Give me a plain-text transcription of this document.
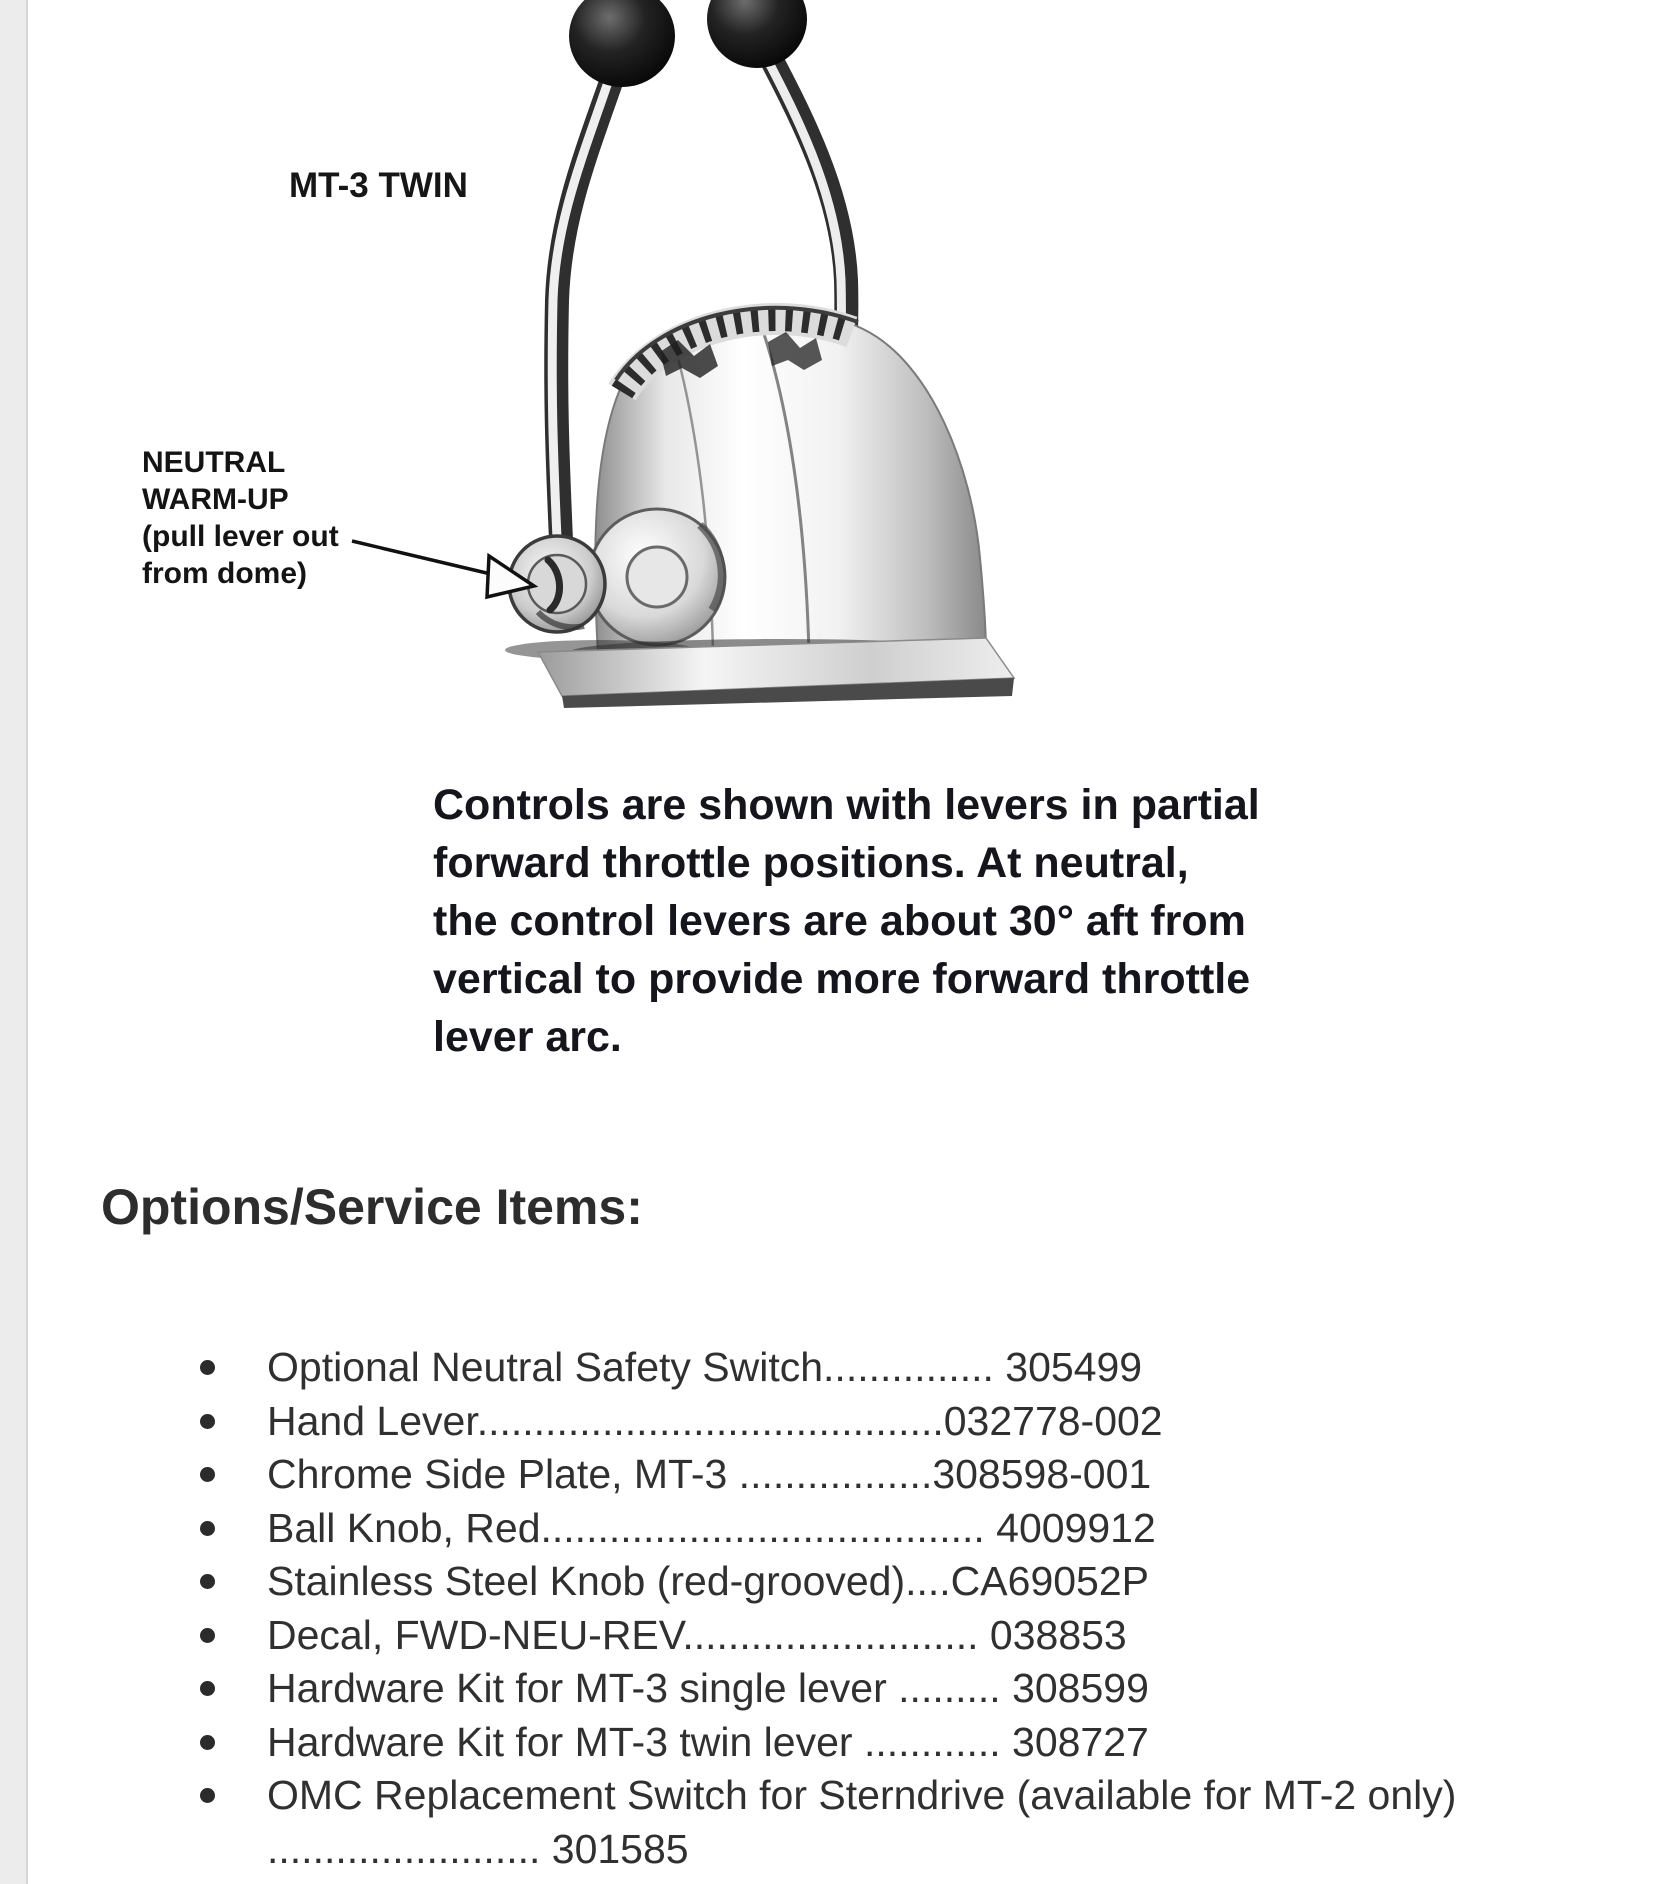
MT-3 TWIN
NEUTRAL
WARM-UP
(pull lever out
from dome)
Controls are shown with levers in partial
forward throttle positions. At neutral,
the control levers are about 30° aft from
vertical to provide more forward throttle
lever arc.
Options/Service Items:
Optional Neutral Safety Switch............... 305499
Hand Lever.........................................032778-002
Chrome Side Plate, MT-3 .................308598-001
Ball Knob, Red....................................... 4009912
Stainless Steel Knob (red-grooved)....CA69052P
Decal, FWD-NEU-REV.......................... 038853
Hardware Kit for MT-3 single lever ......... 308599
Hardware Kit for MT-3 twin lever ............ 308727
OMC Replacement Switch for Sterndrive (available for MT-2 only)
........................ 301585
